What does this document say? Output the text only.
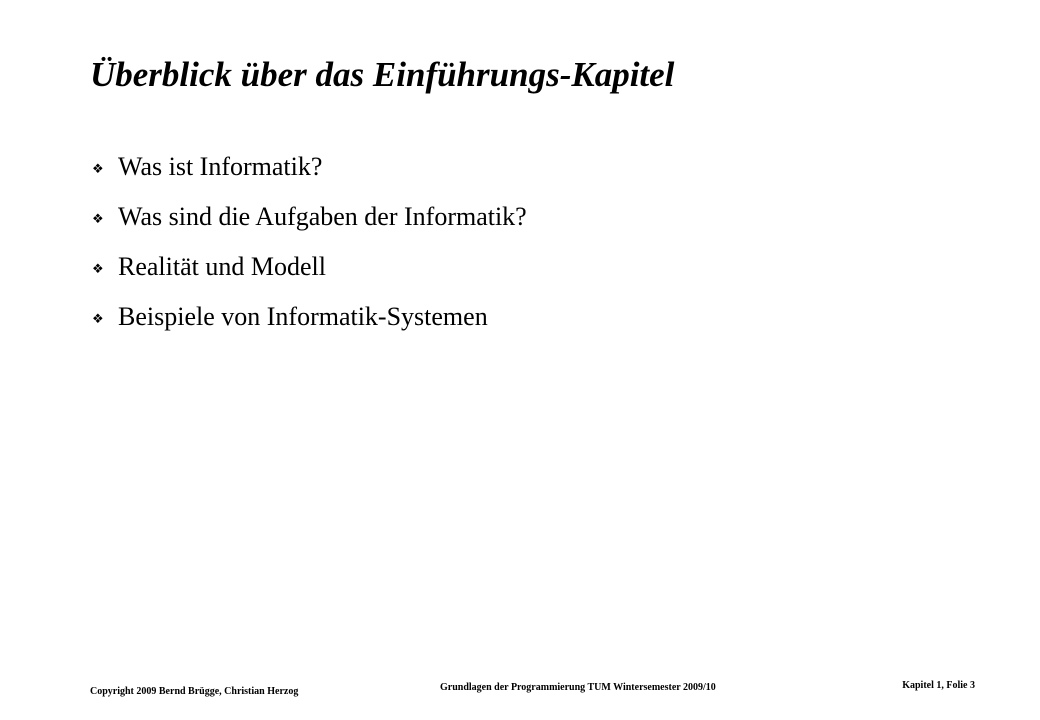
Überblick über das Einführungs-Kapitel
❖ Was ist Informatik?
❖ Was sind die Aufgaben der Informatik?
❖ Realität und Modell
❖ Beispiele von Informatik-Systemen
Copyright 2009 Bernd Brügge, Christian Herzog	Grundlagen der Programmierung TUM Wintersemester 2009/10	Kapitel 1, Folie 3
